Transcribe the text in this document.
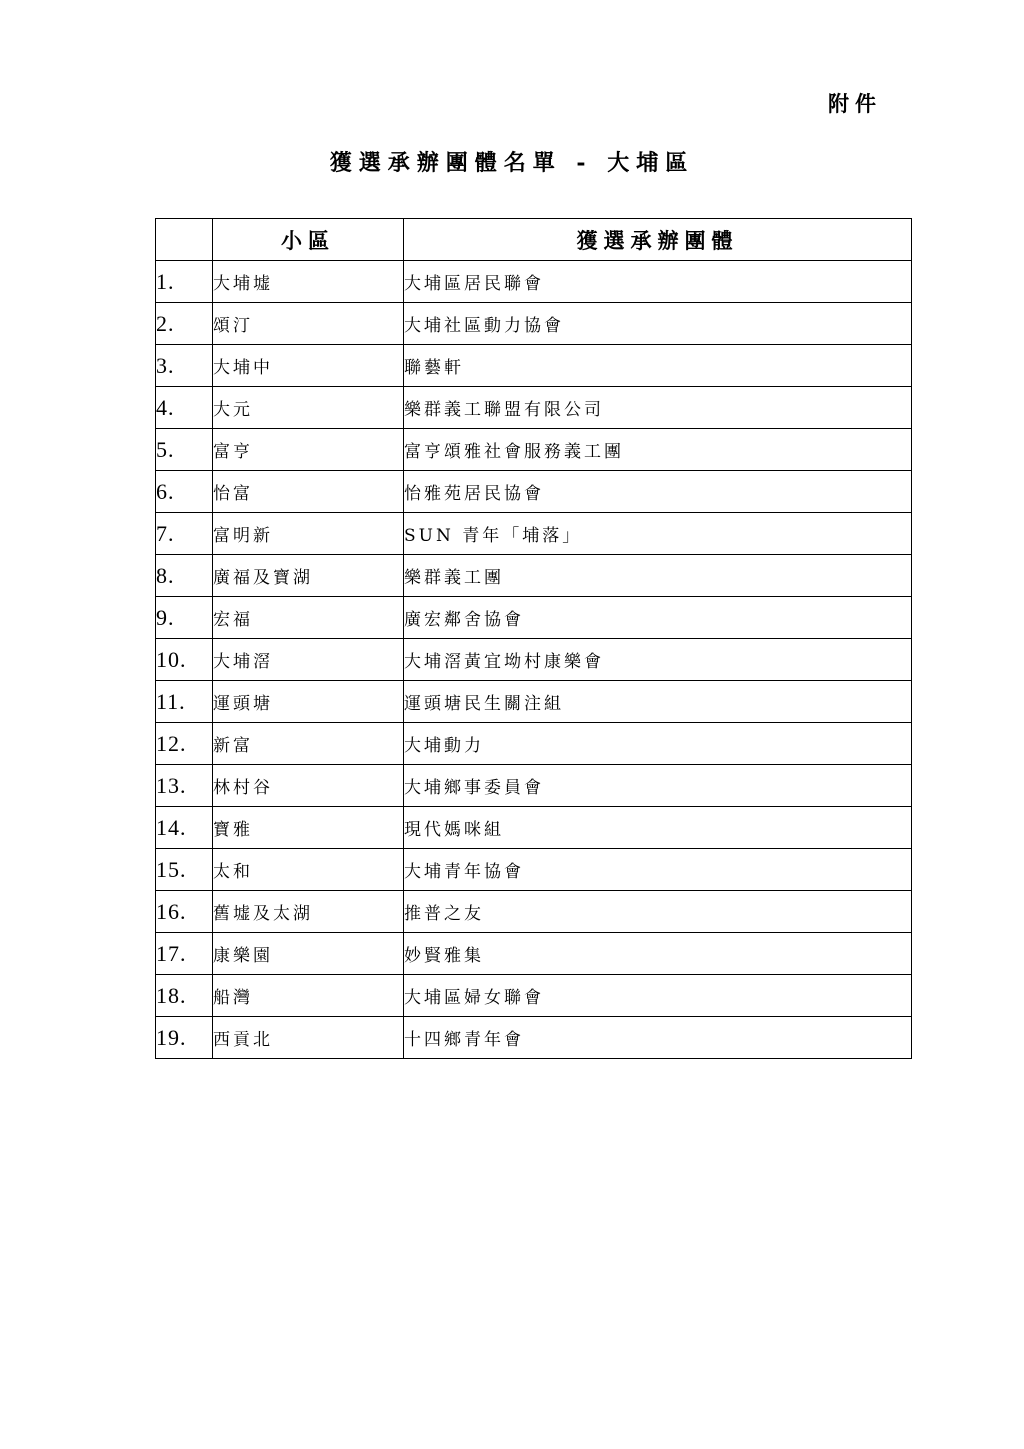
附件
獲選承辦團體名單 - 大埔區
	小區	獲選承辦團體
1.	大埔墟	大埔區居民聯會
2.	頌汀	大埔社區動力協會
3.	大埔中	聯藝軒
4.	大元	樂群義工聯盟有限公司
5.	富亨	富亨頌雅社會服務義工團
6.	怡富	怡雅苑居民協會
7.	富明新	SUN 青年「埔落」
8.	廣福及寶湖	樂群義工團
9.	宏福	廣宏鄰舍協會
10.	大埔滘	大埔滘黃宜坳村康樂會
11.	運頭塘	運頭塘民生關注組
12.	新富	大埔動力
13.	林村谷	大埔鄉事委員會
14.	寶雅	現代媽咪組
15.	太和	大埔青年協會
16.	舊墟及太湖	推普之友
17.	康樂園	妙賢雅集
18.	船灣	大埔區婦女聯會
19.	西貢北	十四鄉青年會
